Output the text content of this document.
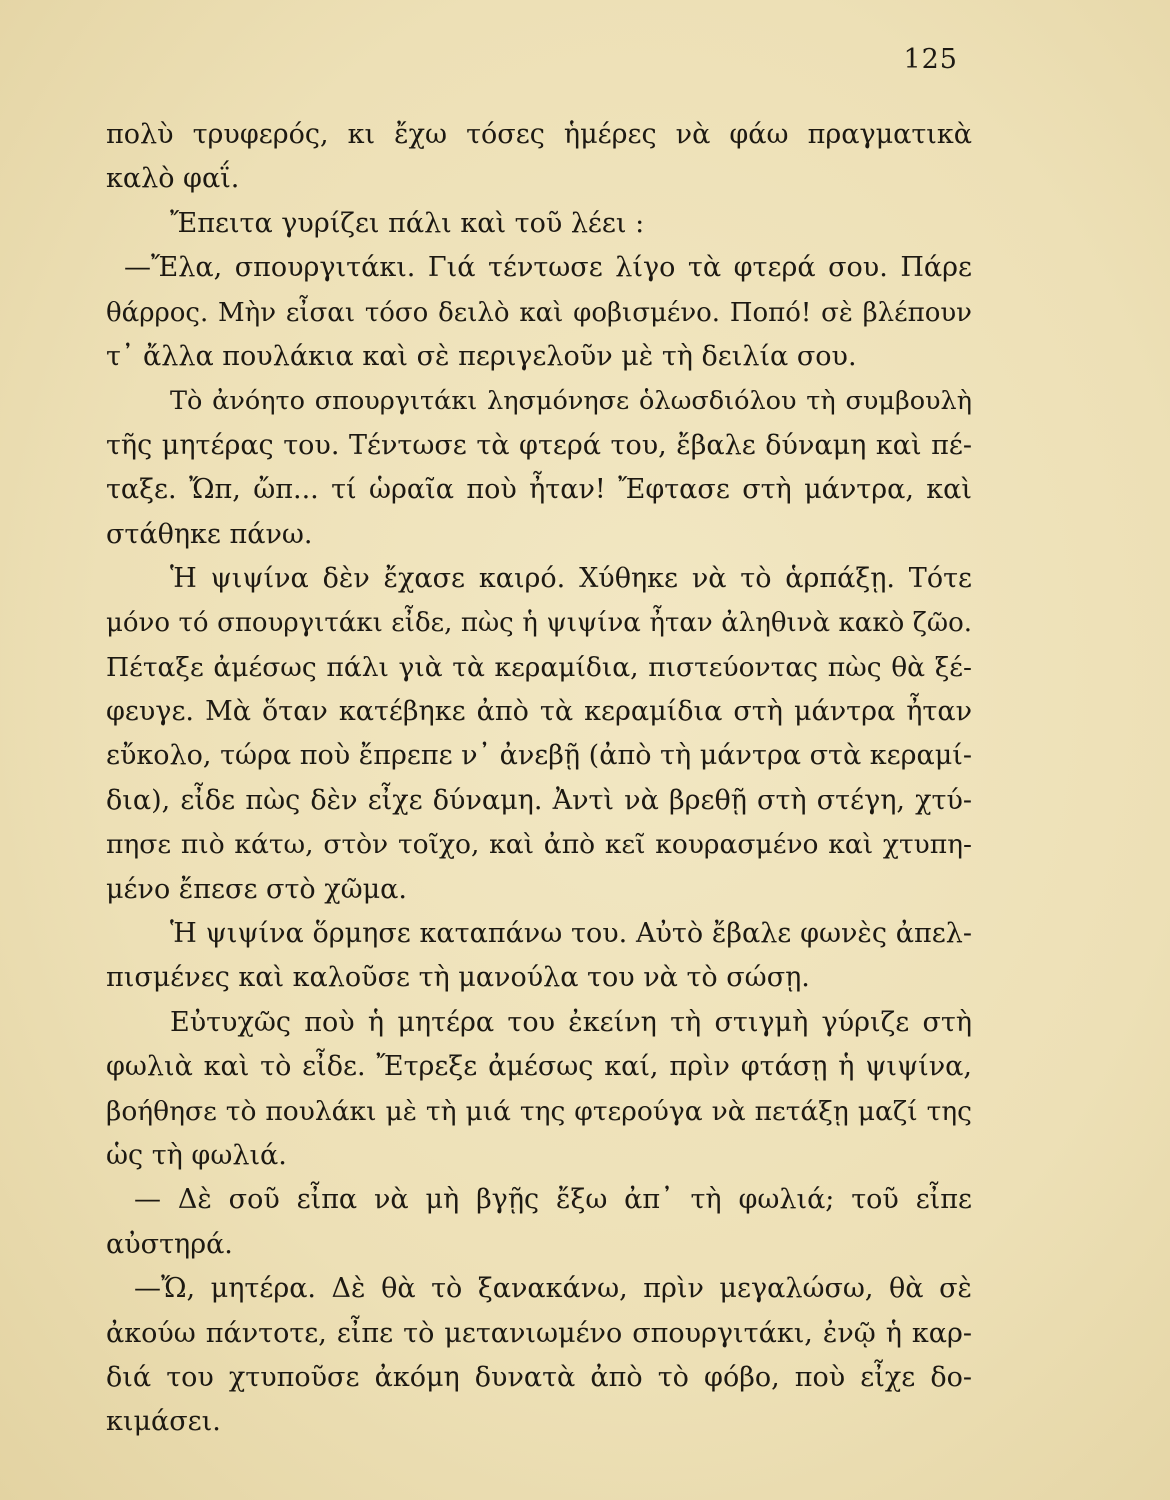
125
πολὺ τρυφερός, κι ἔχω τόσες ἡμέρες νὰ φάω πραγματικὰ
καλὸ φαΐ.
Ἔπειτα γυρίζει πάλι καὶ τοῦ λέει :
—Ἔλα, σπουργιτάκι. Γιά τέντωσε λίγο τὰ φτερά σου. Πάρε
θάρρος. Μὴν εἶσαι τόσο δειλὸ καὶ φοβισμένο. Ποπό! σὲ βλέπουν
τ᾿ ἄλλα πουλάκια καὶ σὲ περιγελοῦν μὲ τὴ δειλία σου.
Τὸ ἀνόητο σπουργιτάκι λησμόνησε ὁλωσδιόλου τὴ συμβουλὴ
τῆς μητέρας του. Τέντωσε τὰ φτερά του, ἔβαλε δύναμη καὶ πέ-
ταξε. Ὤπ, ὤπ... τί ὡραῖα ποὺ ἦταν! Ἔφτασε στὴ μάντρα, καὶ
στάθηκε πάνω.
Ἡ ψιψίνα δὲν ἔχασε καιρό. Χύθηκε νὰ τὸ ἁρπάξῃ. Τότε
μόνο τό σπουργιτάκι εἶδε, πὼς ἡ ψιψίνα ἦταν ἀληθινὰ κακὸ ζῶο.
Πέταξε ἀμέσως πάλι γιὰ τὰ κεραμίδια, πιστεύοντας πὼς θὰ ξέ-
φευγε. Μὰ ὅταν κατέβηκε ἀπὸ τὰ κεραμίδια στὴ μάντρα ἦταν
εὔκολο, τώρα ποὺ ἔπρεπε ν᾿ ἀνεβῇ (ἀπὸ τὴ μάντρα στὰ κεραμί-
δια), εἶδε πὼς δὲν εἶχε δύναμη. Ἀντὶ νὰ βρεθῇ στὴ στέγη, χτύ-
πησε πιὸ κάτω, στὸν τοῖχο, καὶ ἀπὸ κεῖ κουρασμένο καὶ χτυπη-
μένο ἔπεσε στὸ χῶμα.
Ἡ ψιψίνα ὅρμησε καταπάνω του. Αὐτὸ ἔβαλε φωνὲς ἀπελ-
πισμένες καὶ καλοῦσε τὴ μανούλα του νὰ τὸ σώσῃ.
Εὐτυχῶς ποὺ ἡ μητέρα του ἐκείνη τὴ στιγμὴ γύριζε στὴ
φωλιὰ καὶ τὸ εἶδε. Ἔτρεξε ἀμέσως καί, πρὶν φτάσῃ ἡ ψιψίνα,
βοήθησε τὸ πουλάκι μὲ τὴ μιά της φτερούγα νὰ πετάξῃ μαζί της
ὡς τὴ φωλιά.
— Δὲ σοῦ εἶπα νὰ μὴ βγῇς ἔξω ἀπ᾿ τὴ φωλιά; τοῦ εἶπε
αὐστηρά.
—Ὤ, μητέρα. Δὲ θὰ τὸ ξανακάνω, πρὶν μεγαλώσω, θὰ σὲ
ἀκούω πάντοτε, εἶπε τὸ μετανιωμένο σπουργιτάκι, ἐνῷ ἡ καρ-
διά του χτυποῦσε ἀκόμη δυνατὰ ἀπὸ τὸ φόβο, ποὺ εἶχε δο-
κιμάσει.
